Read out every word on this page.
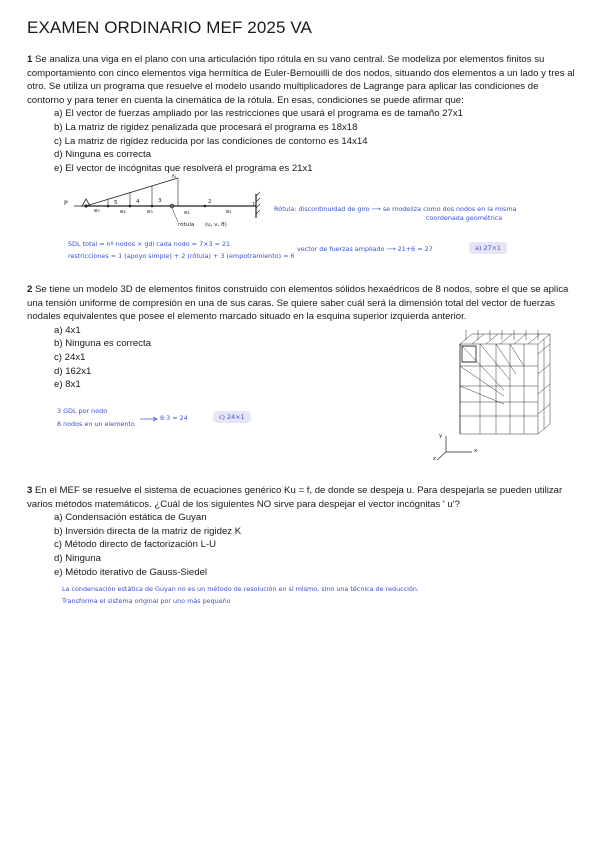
EXAMEN ORDINARIO MEF 2025 VA

1 Se analiza una viga en el plano con una articulación tipo rótula en su vano central. Se modeliza por elementos finitos su comportamiento con cinco elementos viga hermítica de Euler-Bernouilli de dos nodos, situando dos elementos a un lado y tres al otro. Se utiliza un programa que resuelve el modelo usando multiplicadores de Lagrange para aplicar las condiciones de contorno y para tener en cuenta la cinemática de la rótula. En esas, condiciones se puede afirmar que:

a) El vector de fuerzas ampliado por las restricciones que usará el programa es de tamaño 27x1
b) La matriz de rigidez penalizada que procesará el programa es 18x18
c) La matriz de rigidez reducida por las condiciones de contorno es 14x14
d) Ninguna es correcta
e) El vector de incógnitas que resolverá el programa es 21x1
P
e₅	e₄	e₃	e₂	e₁
f₀
rótula (u, v, θ)
5	4	3	2	1	Rótula: discontinuidad de giro ⟶ se modeliza como dos nodos en la misma
coordenada geométrica
SDL total = nº nodos × gdl cada nodo = 7×3 = 21
restricciones = 1 (apoyo simple) + 2 (rótula) + 3 (empotramiento) = 6
vector de fuerzas ampliado ⟶ 21+6 = 27	a) 27×1

2 Se tiene un modelo 3D de elementos finitos construido con elementos sólidos hexaédricos de 8 nodos, sobre el que se aplica una tensión uniforme de compresión en una de sus caras. Se quiere saber cuál será la dimensión total del vector de fuerzas nodales equivalentes que posee el elemento marcado situado en la esquina superior izquierda anterior.

a) 4x1
b) Ninguna es correcta
c) 24x1
d) 162x1
e) 8x1
y
z
x
3 GDL por nodo
8 nodos en un elemento
8·3 = 24	c) 24×1

3 En el MEF se resuelve el sistema de ecuaciones genérico Ku = f, de donde se despeja u. Para despejarla se pueden utilizar varios métodos matemáticos. ¿Cuál de los siguientes NO sirve para despejar el vector incógnitas ' u'?

a) Condensación estática de Guyan
b) Inversión directa de la matriz de rigidez K
c) Método directo de factorización L-U
d) Ninguna
e) Método iterativo de Gauss-Siedel
La condensación estática de Guyan no es un método de resolución en sí mismo, sino una técnica de reducción.
Transforma el sistema original por uno más pequeño
